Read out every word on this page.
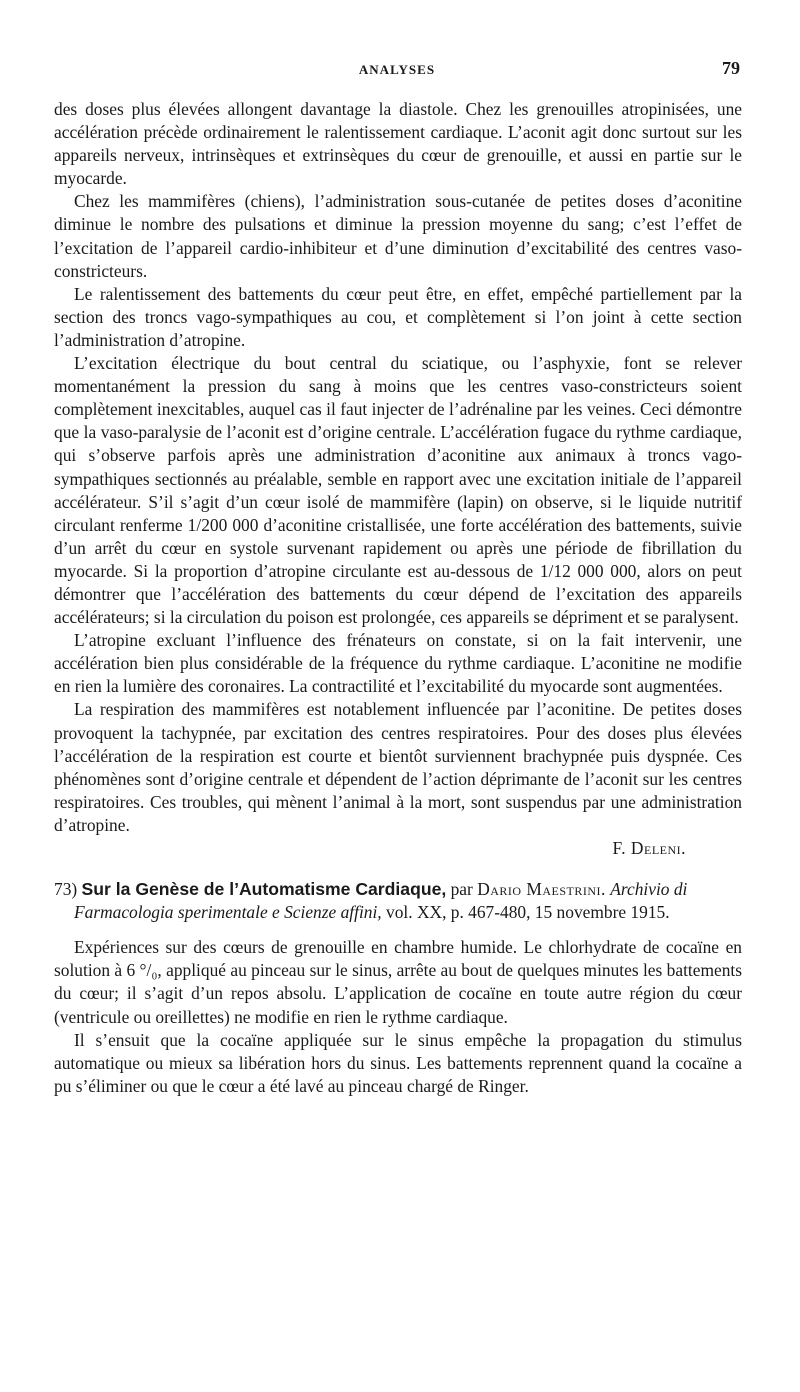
ANALYSES	79

des doses plus élevées allongent davantage la diastole. Chez les grenouilles atropinisées, une accélération précède ordinairement le ralentissement cardiaque. L’aconit agit donc surtout sur les appareils nerveux, intrinsèques et extrinsèques du cœur de grenouille, et aussi en partie sur le myocarde.

Chez les mammifères (chiens), l’administration sous-cutanée de petites doses d’aconitine diminue le nombre des pulsations et diminue la pression moyenne du sang; c’est l’effet de l’excitation de l’appareil cardio-inhibiteur et d’une diminution d’excitabilité des centres vaso-constricteurs.

Le ralentissement des battements du cœur peut être, en effet, empêché partiellement par la section des troncs vago-sympathiques au cou, et complètement si l’on joint à cette section l’administration d’atropine.

L’excitation électrique du bout central du sciatique, ou l’asphyxie, font se relever momentanément la pression du sang à moins que les centres vaso-constricteurs soient complètement inexcitables, auquel cas il faut injecter de l’adrénaline par les veines. Ceci démontre que la vaso-paralysie de l’aconit est d’origine centrale. L’accélération fugace du rythme cardiaque, qui s’observe parfois après une administration d’aconitine aux animaux à troncs vago-sympathiques sectionnés au préalable, semble en rapport avec une excitation initiale de l’appareil accélérateur. S’il s’agit d’un cœur isolé de mammifère (lapin) on observe, si le liquide nutritif circulant renferme 1/200 000 d’aconitine cristallisée, une forte accélération des battements, suivie d’un arrêt du cœur en systole survenant rapidement ou après une période de fibrillation du myocarde. Si la proportion d’atropine circulante est au-dessous de 1/12 000 000, alors on peut démontrer que l’accélération des battements du cœur dépend de l’excitation des appareils accélérateurs; si la circulation du poison est prolongée, ces appareils se dépriment et se paralysent.

L’atropine excluant l’influence des frénateurs on constate, si on la fait intervenir, une accélération bien plus considérable de la fréquence du rythme cardiaque. L’aconitine ne modifie en rien la lumière des coronaires. La contractilité et l’excitabilité du myocarde sont augmentées.

La respiration des mammifères est notablement influencée par l’aconitine. De petites doses provoquent la tachypnée, par excitation des centres respiratoires. Pour des doses plus élevées l’accélération de la respiration est courte et bientôt surviennent brachypnée puis dyspnée. Ces phénomènes sont d’origine centrale et dépendent de l’action déprimante de l’aconit sur les centres respiratoires. Ces troubles, qui mènent l’animal à la mort, sont suspendus par une administration d’atropine.

F. Deleni.

73) Sur la Genèse de l’Automatisme Cardiaque, par Dario Maestrini. Archivio di Farmacologia sperimentale e Scienze affini, vol. XX, p. 467-480, 15 novembre 1915.

Expériences sur des cœurs de grenouille en chambre humide. Le chlorhydrate de cocaïne en solution à 6 °/₀, appliqué au pinceau sur le sinus, arrête au bout de quelques minutes les battements du cœur; il s’agit d’un repos absolu. L’application de cocaïne en toute autre région du cœur (ventricule ou oreillettes) ne modifie en rien le rythme cardiaque.

Il s’ensuit que la cocaïne appliquée sur le sinus empêche la propagation du stimulus automatique ou mieux sa libération hors du sinus. Les battements reprennent quand la cocaïne a pu s’éliminer ou que le cœur a été lavé au pinceau chargé de Ringer.
